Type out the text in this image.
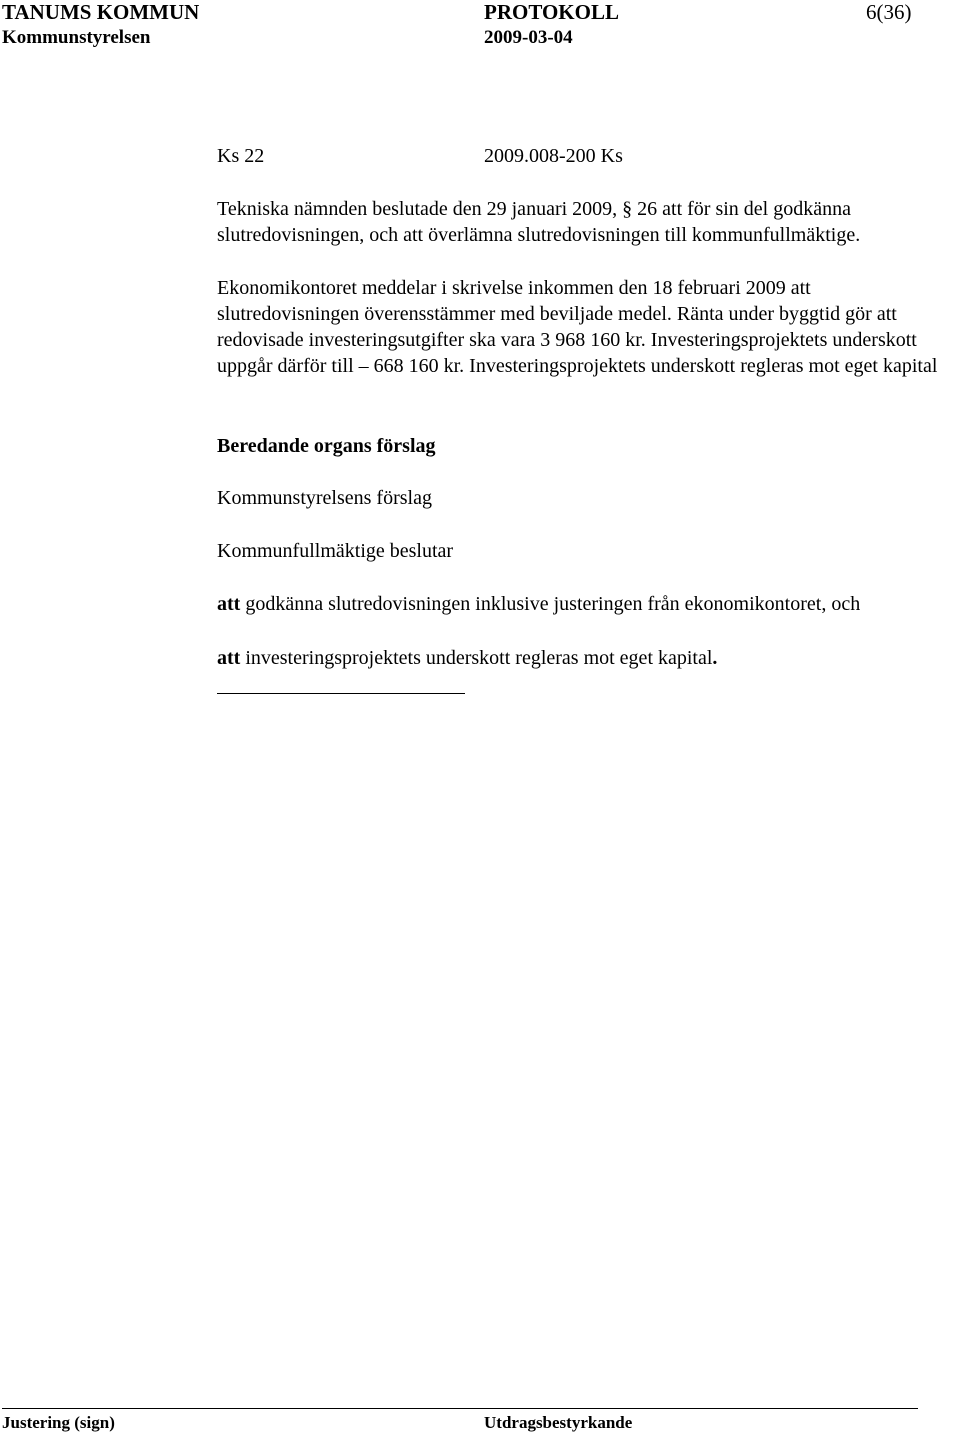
TANUMS KOMMUN	PROTOKOLL	6(36)
Kommunstyrelsen	2009-03-04
Ks 22	2009.008-200 Ks

Tekniska nämnden beslutade den 29 januari 2009, § 26 att för sin del godkänna slutredovisningen, och att överlämna slutredovisningen till kommunfullmäktige.

Ekonomikontoret meddelar i skrivelse inkommen den 18 februari 2009 att slutredovisningen överensstämmer med beviljade medel. Ränta under byggtid gör att redovisade investeringsutgifter ska vara 3 968 160 kr. Investeringsprojektets underskott uppgår därför till – 668 160 kr. Investeringsprojektets underskott regleras mot eget kapital

Beredande organs förslag
Kommunstyrelsens förslag
Kommunfullmäktige beslutar
att godkänna slutredovisningen inklusive justeringen från ekonomikontoret, och
att investeringsprojektets underskott regleras mot eget kapital.
Justering (sign)	Utdragsbestyrkande
